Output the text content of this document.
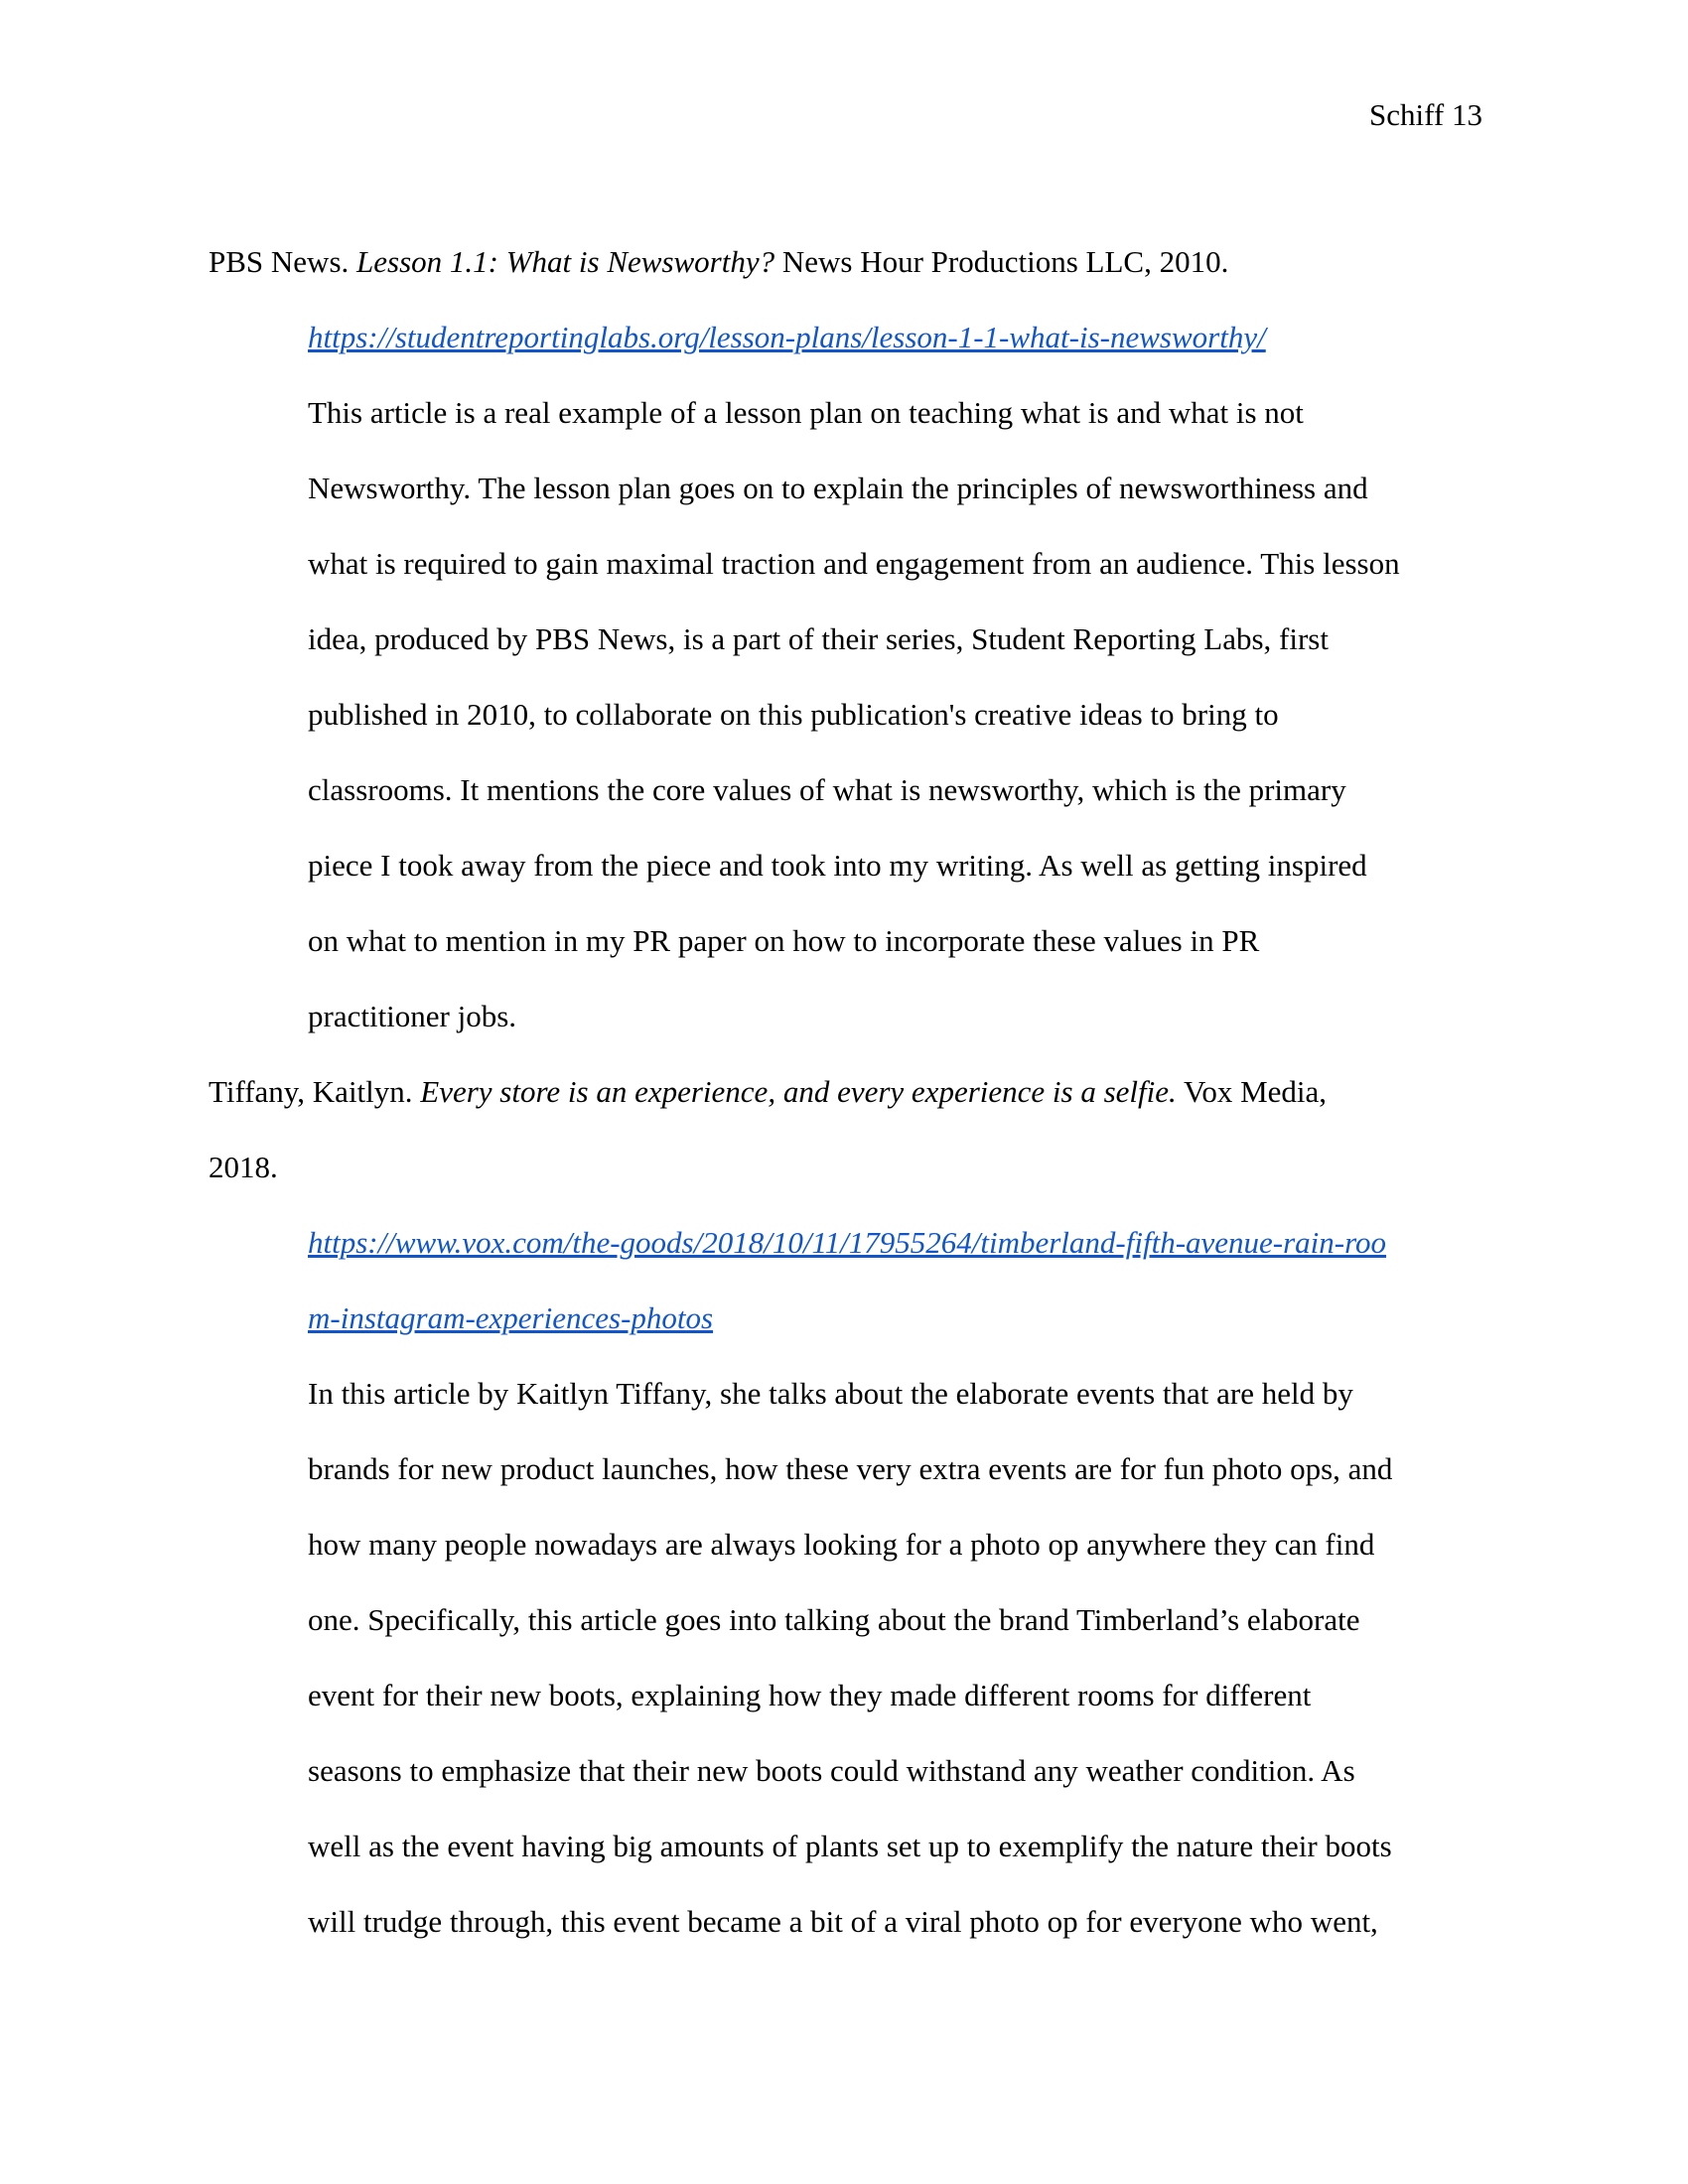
Schiff 13
PBS News. Lesson 1.1: What is Newsworthy? News Hour Productions LLC, 2010.
https://studentreportinglabs.org/lesson-plans/lesson-1-1-what-is-newsworthy/
This article is a real example of a lesson plan on teaching what is and what is not
Newsworthy. The lesson plan goes on to explain the principles of newsworthiness and
what is required to gain maximal traction and engagement from an audience. This lesson
idea, produced by PBS News, is a part of their series, Student Reporting Labs, first
published in 2010, to collaborate on this publication's creative ideas to bring to
classrooms. It mentions the core values of what is newsworthy, which is the primary
piece I took away from the piece and took into my writing. As well as getting inspired
on what to mention in my PR paper on how to incorporate these values in PR
practitioner jobs.
Tiffany, Kaitlyn. Every store is an experience, and every experience is a selfie. Vox Media,
2018.
https://www.vox.com/the-goods/2018/10/11/17955264/timberland-fifth-avenue-rain-roo
m-instagram-experiences-photos
In this article by Kaitlyn Tiffany, she talks about the elaborate events that are held by
brands for new product launches, how these very extra events are for fun photo ops, and
how many people nowadays are always looking for a photo op anywhere they can find
one. Specifically, this article goes into talking about the brand Timberland’s elaborate
event for their new boots, explaining how they made different rooms for different
seasons to emphasize that their new boots could withstand any weather condition. As
well as the event having big amounts of plants set up to exemplify the nature their boots
will trudge through, this event became a bit of a viral photo op for everyone who went,
